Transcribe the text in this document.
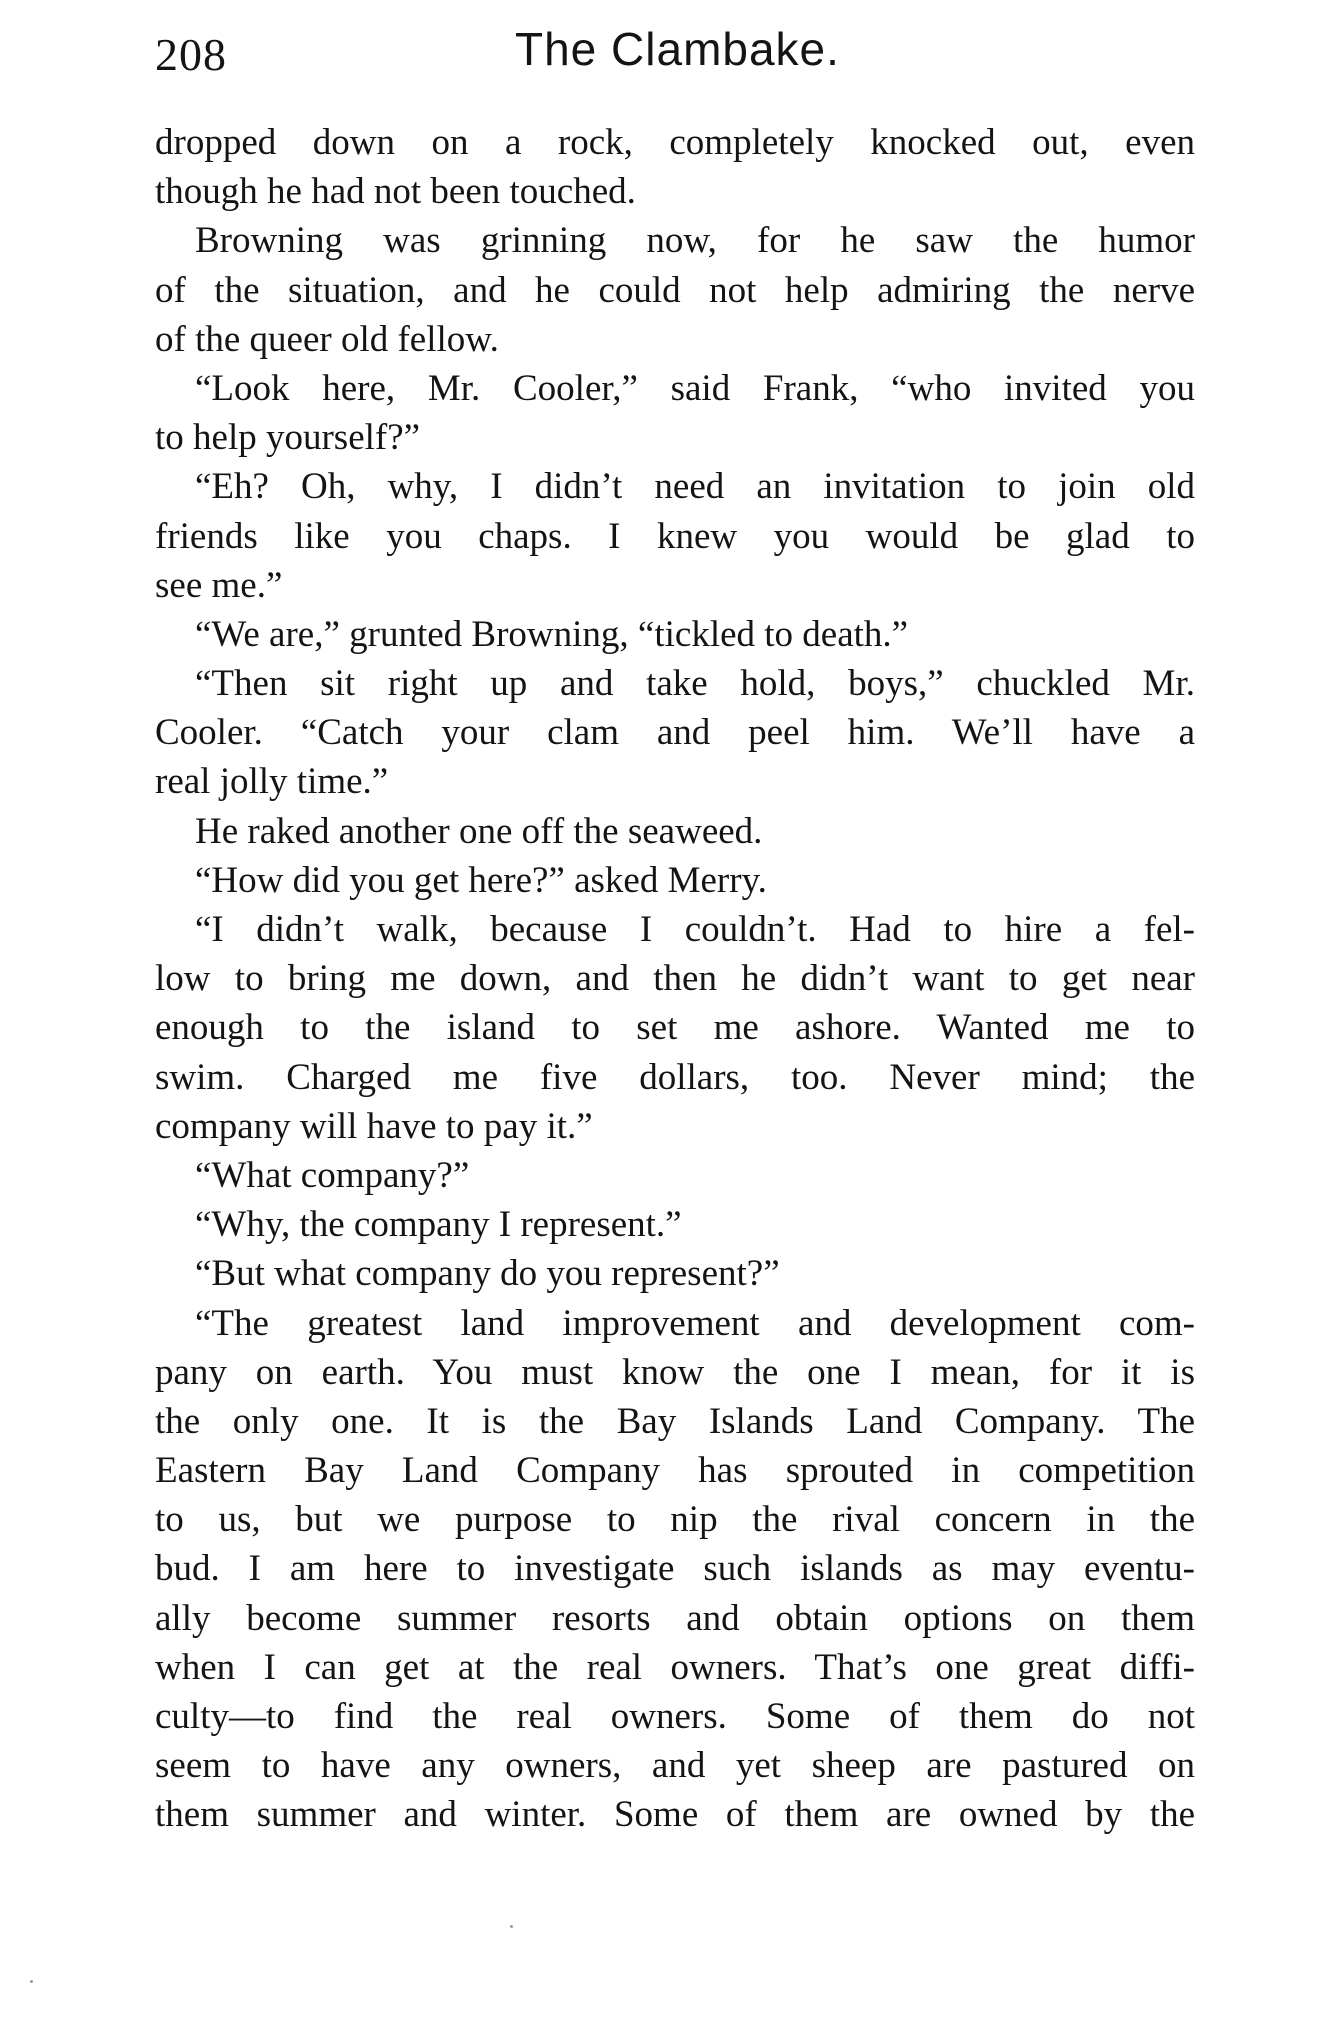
208	The Clambake.
dropped down on a rock, completely knocked out, even
though he had not been touched.
Browning was grinning now, for he saw the humor
of the situation, and he could not help admiring the nerve
of the queer old fellow.
“Look here, Mr. Cooler,” said Frank, “who invited you
to help yourself?”
“Eh? Oh, why, I didn’t need an invitation to join old
friends like you chaps. I knew you would be glad to
see me.”
“We are,” grunted Browning, “tickled to death.”
“Then sit right up and take hold, boys,” chuckled Mr.
Cooler. “Catch your clam and peel him. We’ll have a
real jolly time.”
He raked another one off the seaweed.
“How did you get here?” asked Merry.
“I didn’t walk, because I couldn’t. Had to hire a fel-
low to bring me down, and then he didn’t want to get near
enough to the island to set me ashore. Wanted me to
swim. Charged me five dollars, too. Never mind; the
company will have to pay it.”
“What company?”
“Why, the company I represent.”
“But what company do you represent?”
“The greatest land improvement and development com-
pany on earth. You must know the one I mean, for it is
the only one. It is the Bay Islands Land Company. The
Eastern Bay Land Company has sprouted in competition
to us, but we purpose to nip the rival concern in the
bud. I am here to investigate such islands as may eventu-
ally become summer resorts and obtain options on them
when I can get at the real owners. That’s one great diffi-
culty—to find the real owners. Some of them do not
seem to have any owners, and yet sheep are pastured on
them summer and winter. Some of them are owned by the
